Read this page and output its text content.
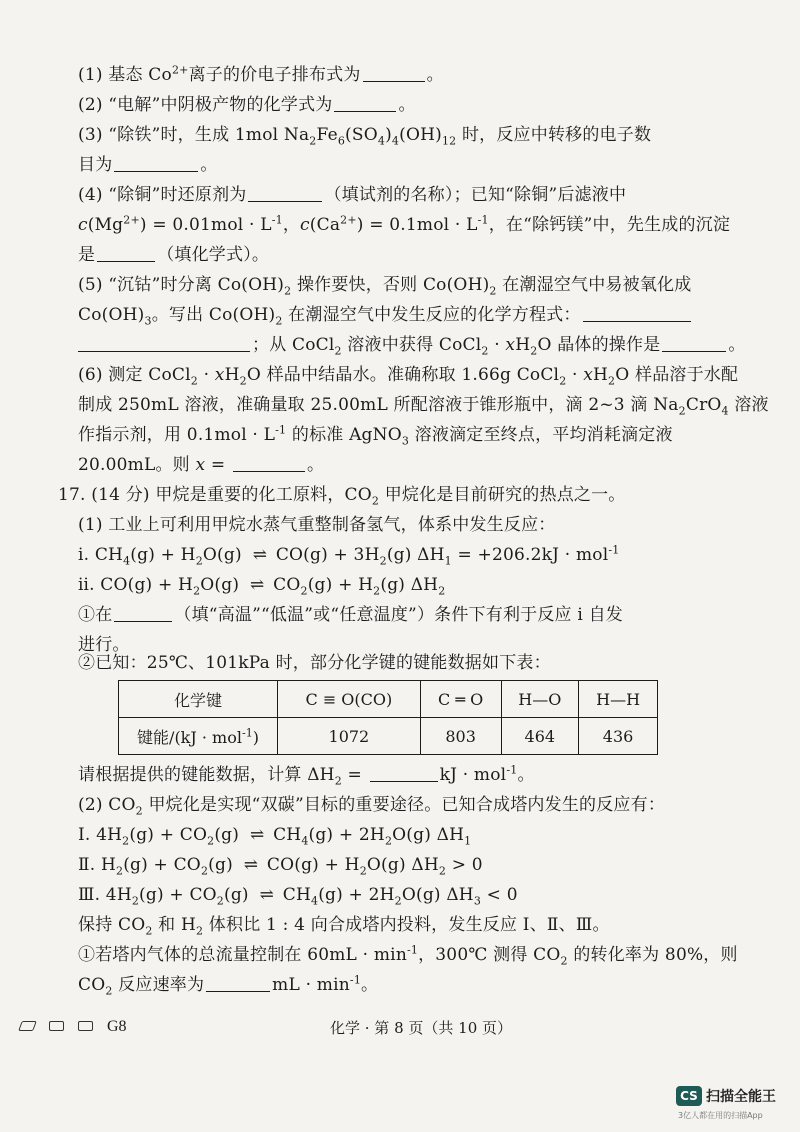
(1) 基态 $Co^{2+}$离子的价电子排布式为	。
(2) “电解”中阴极产物的化学式为	。
(3) “除铁”时，生成 1mol $Na_2Fe_6(SO_4)_4(OH)_{12}$ 时，反应中转移的电子数
目为	。
(4) “除铜”时还原剂为	（填试剂的名称）；已知“除铜”后滤液中
$c(Mg^{2+}) = 0.01mol \cdot L^{-1}$，$c(Ca^{2+}) = 0.1mol \cdot L^{-1}$，在“除钙镁”中，先生成的沉淀
是	（填化学式）。
(5) “沉钴”时分离 $Co(OH)_2$ 操作要快，否则 $Co(OH)_2$ 在潮湿空气中易被氧化成
$Co(OH)_3$。写出 $Co(OH)_2$ 在潮湿空气中发生反应的化学方程式：
；从 CoCl$_2$ 溶液中获得 CoCl$_2$ · $xH_2O$ 晶体的操作是	。
(6) 测定 CoCl$_2$ · $xH_2O$ 样品中结晶水。准确称取 1.66g CoCl$_2$ · $xH_2O$ 样品溶于水配
制成 250mL 溶液，准确量取 25.00mL 所配溶液于锥形瓶中，滴 2~3 滴 $Na_2CrO_4$ 溶液
作指示剂，用 $0.1mol \cdot L^{-1}$ 的标准 AgNO$_3$ 溶液滴定至终点，平均消耗滴定液
20.00mL。则 x =	。
17. (14 分) 甲烷是重要的化工原料，$CO_2$ 甲烷化是目前研究的热点之一。
(1) 工业上可利用甲烷水蒸气重整制备氢气，体系中发生反应：
ⅰ. $CH_4(g) + H_2O(g)$ ⇌ $CO(g) + 3H_2(g) \Delta H_1 = +206.2kJ \cdot mol^{-1}$
ⅱ. $CO(g) + H_2O(g)$ ⇌ $CO_2(g) + H_2(g)$ $\Delta H_2$
①在	（填“高温”“低温”或“任意温度”）条件下有利于反应 ⅰ 自发
进行。
②已知：25℃、101kPa 时，部分化学键的键能数据如下表：
化学键	C ≡ O(CO)	C ═ O	H—O	H—H
键能/(kJ · mol$^{-1}$)	1072	803	464	436
请根据提供的键能数据，计算 $\Delta H_2$ =	kJ · mol$^{-1}$。
(2) $CO_2$ 甲烷化是实现“双碳”目标的重要途径。已知合成塔内发生的反应有：
Ⅰ. $4H_2(g) + CO_2(g)$ ⇌ $CH_4(g) + 2H_2O(g)$ $\Delta H_1$
Ⅱ. $H_2(g) + CO_2(g)$ ⇌ $CO(g) + H_2O(g) \Delta H_2 > 0$
Ⅲ. $4H_2(g) + CO_2(g)$ ⇌ $CH_4(g) + 2H_2O(g) \Delta H_3 < 0$
保持 $CO_2$ 和 $H_2$ 体积比 1 : 4 向合成塔内投料，发生反应 Ⅰ、Ⅱ、Ⅲ。
①若塔内气体的总流量控制在 $60mL \cdot \min^{-1}$，300℃ 测得 $CO_2$ 的转化率为 80%，则
$CO_2$ 反应速率为	mL · $\min^{-1}$。
G8	化学 · 第 8 页（共 10 页）
CS 扫描全能王
3亿人都在用的扫描App
